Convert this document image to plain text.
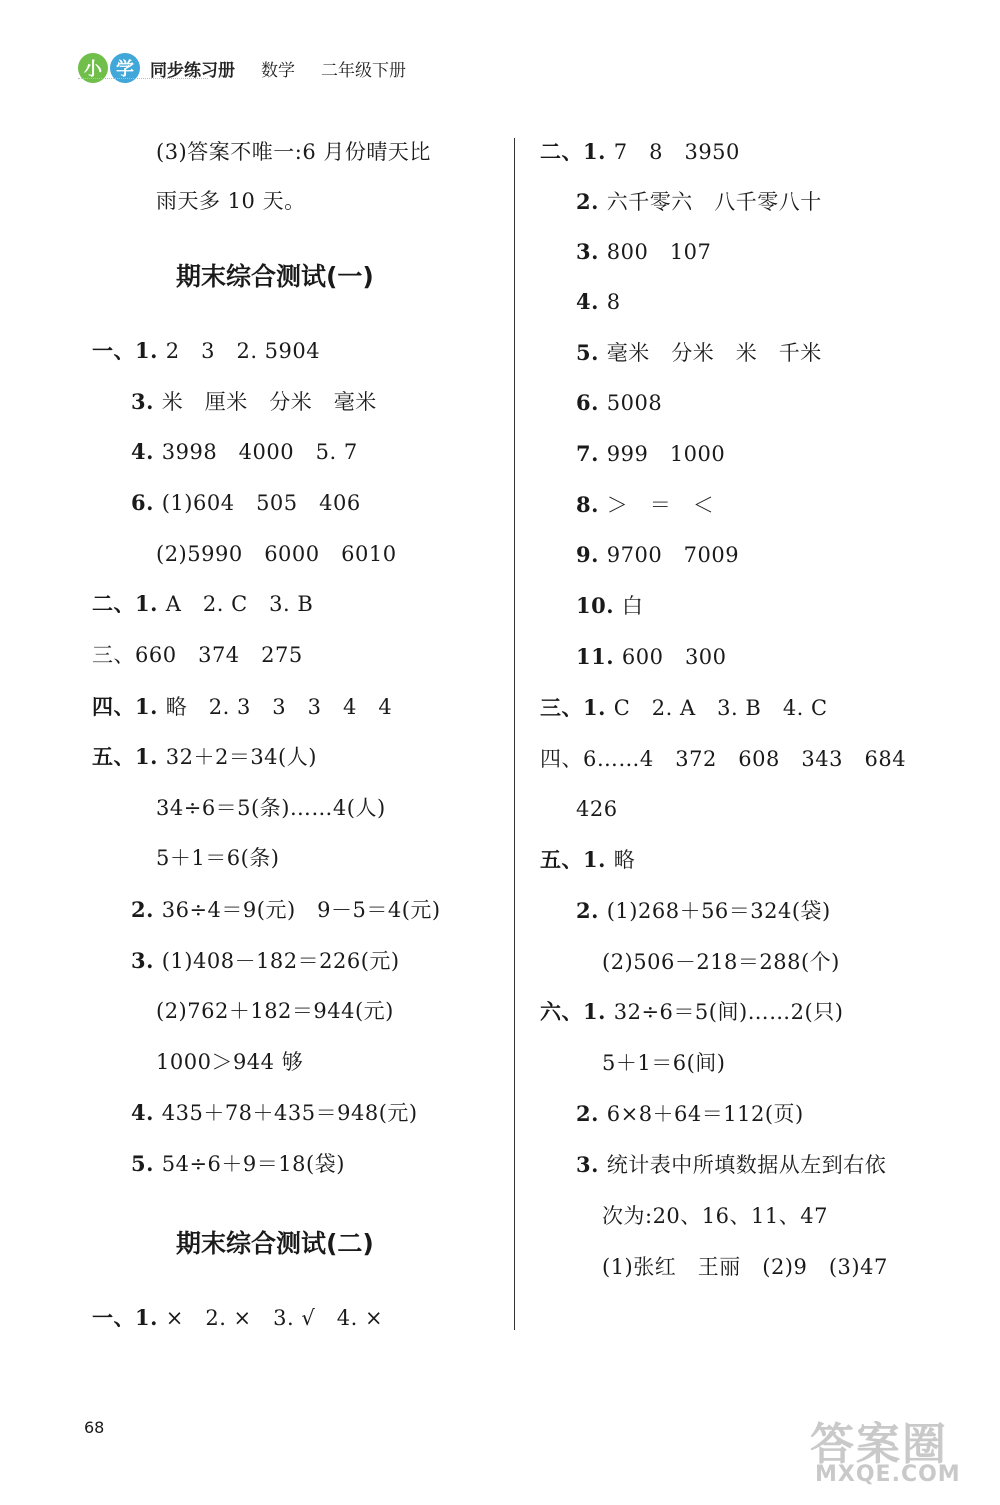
小 学 同步练习册 数学 二年级下册
(3)答案不唯一:6 月份晴天比
雨天多 10 天。
期末综合测试(一)
一、1. 2　3　2. 5904
3. 米　厘米　分米　毫米
4. 3998　4000　5. 7
6. (1)604　505　406
(2)5990　6000　6010
二、1. A　2. C　3. B
三、660　374　275
四、1. 略　2. 3　3　3　4　4
五、1. 32＋2＝34(人)
34÷6＝5(条)……4(人)
5＋1＝6(条)
2. 36÷4＝9(元)　9－5＝4(元)
3. (1)408－182＝226(元)
(2)762＋182＝944(元)
1000＞944 够
4. 435＋78＋435＝948(元)
5. 54÷6＋9＝18(袋)
期末综合测试(二)
一、1. ×　2. ×　3. √　4. ×
二、1. 7　8　3950
2. 六千零六　八千零八十
3. 800　107
4. 8
5. 毫米　分米　米　千米
6. 5008
7. 999　1000
8. ＞　＝　＜
9. 9700　7009
10. 白
11. 600　300
三、1. C　2. A　3. B　4. C
四、6……4　372　608　343　684
426
五、1. 略
2. (1)268＋56＝324(袋)
(2)506－218＝288(个)
六、1. 32÷6＝5(间)……2(只)
5＋1＝6(间)
2. 6×8＋64＝112(页)
3. 统计表中所填数据从左到右依
次为:20、16、11、47
(1)张红　王丽　(2)9　(3)47
68	答案圈
MXQE.COM
